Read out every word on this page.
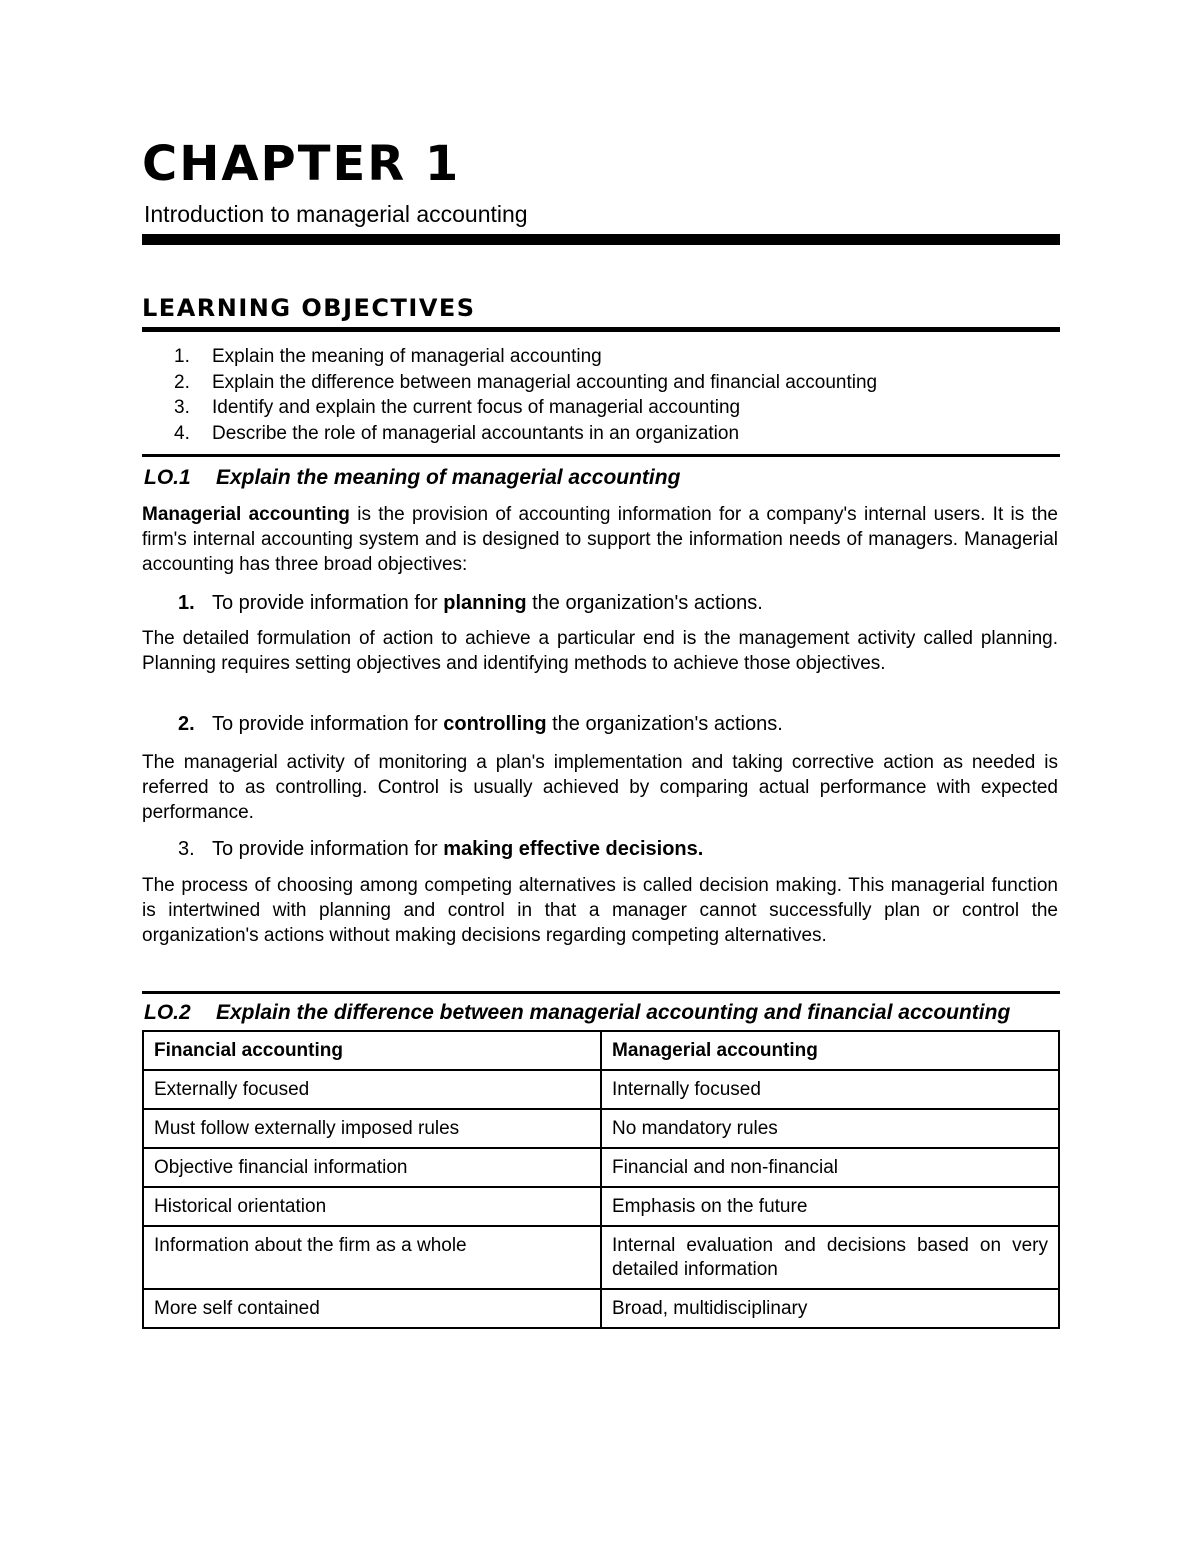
CHAPTER 1

Introduction to managerial accounting

LEARNING OBJECTIVES
1. Explain the meaning of managerial accounting
2. Explain the difference between managerial accounting and financial accounting
3. Identify and explain the current focus of managerial accounting
4. Describe the role of managerial accountants in an organization
LO.1 Explain the meaning of managerial accounting

Managerial accounting is the provision of accounting information for a company's internal users. It is the firm's internal accounting system and is designed to support the information needs of managers. Managerial accounting has three broad objectives:

1. To provide information for planning the organization's actions.

The detailed formulation of action to achieve a particular end is the management activity called planning. Planning requires setting objectives and identifying methods to achieve those objectives.

2. To provide information for controlling the organization's actions.

The managerial activity of monitoring a plan's implementation and taking corrective action as needed is referred to as controlling. Control is usually achieved by comparing actual performance with expected performance.

3. To provide information for making effective decisions.

The process of choosing among competing alternatives is called decision making. This managerial function is intertwined with planning and control in that a manager cannot successfully plan or control the organization's actions without making decisions regarding competing alternatives.

LO.2 Explain the difference between managerial accounting and financial accounting
Financial accounting	Managerial accounting
Externally focused	Internally focused
Must follow externally imposed rules	No mandatory rules
Objective financial information	Financial and non-financial
Historical orientation	Emphasis on the future
Information about the firm as a whole	Internal evaluation and decisions based on very detailed information
More self contained	Broad, multidisciplinary
